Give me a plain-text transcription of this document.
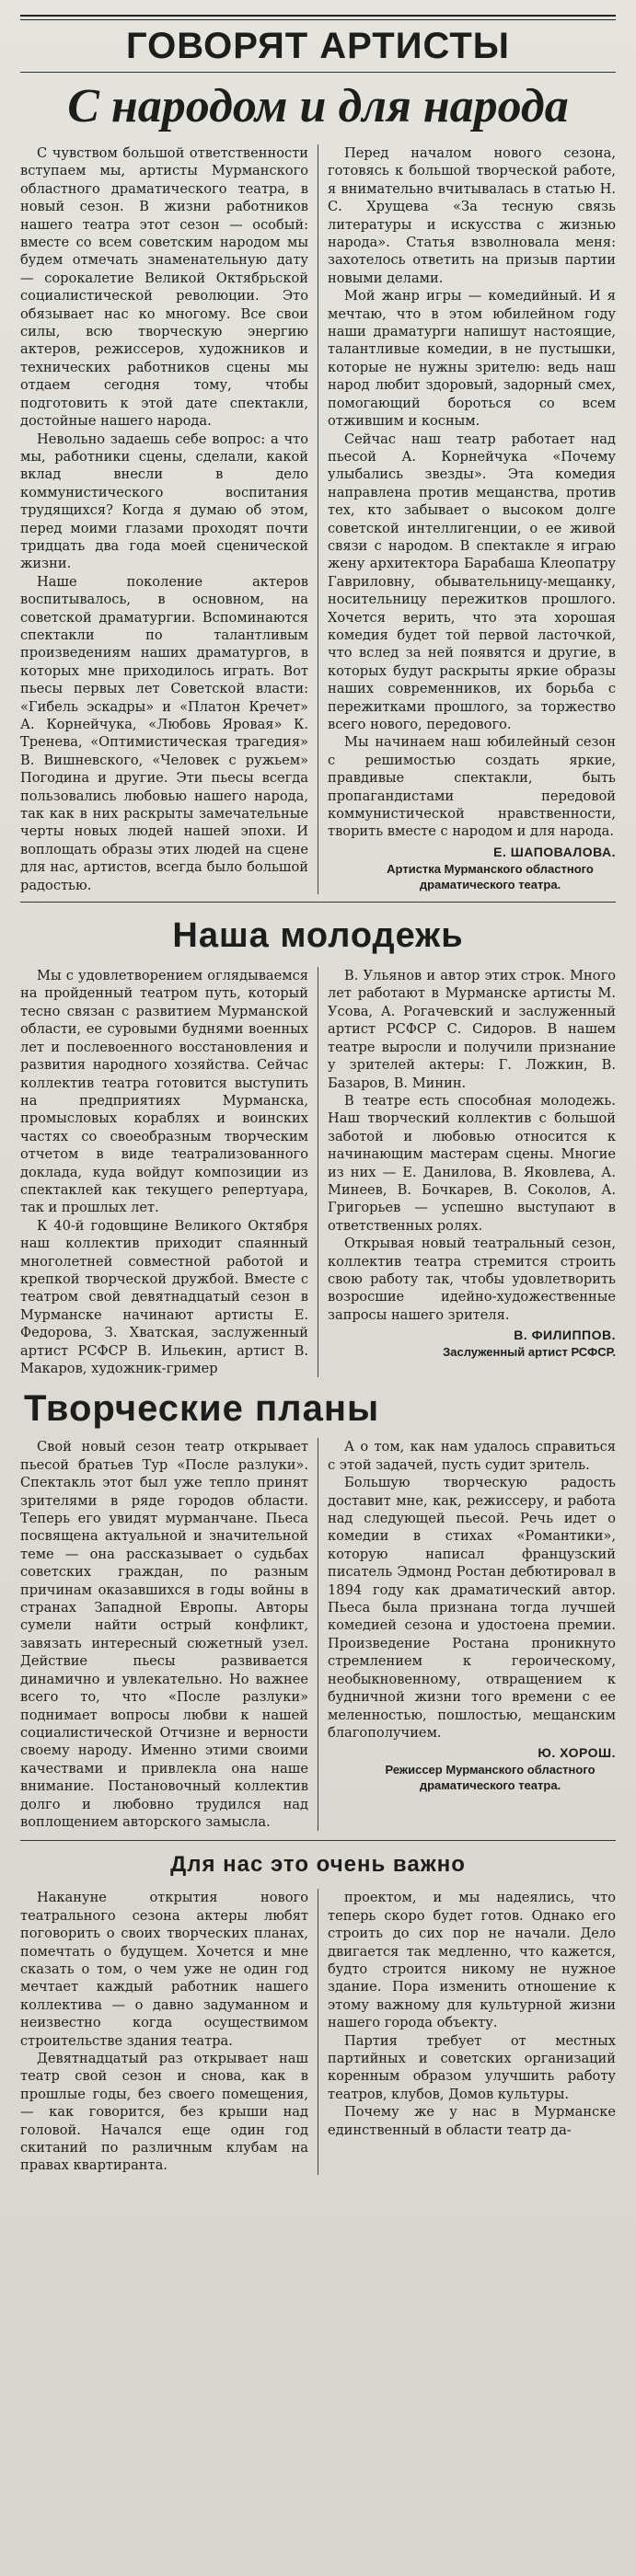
ГОВОРЯТ АРТИСТЫ
С народом и для народа

С чувством большой ответственности вступаем мы, артисты Мурманского областного драматического театра, в новый сезон. В жизни работников нашего театра этот сезон — особый: вместе со всем советским народом мы будем отмечать знаменательную дату — сорокалетие Великой Октябрьской социалистической революции. Это обязывает нас ко многому. Все свои силы, всю творческую энергию актеров, режиссеров, художников и технических работников сцены мы отдаем сегодня тому, чтобы подготовить к этой дате спектакли, достойные нашего народа.

Невольно задаешь себе вопрос: а что мы, работники сцены, сделали, какой вклад внесли в дело коммунистического воспитания трудящихся? Когда я думаю об этом, перед моими глазами проходят почти тридцать два года моей сценической жизни.

Наше поколение актеров воспитывалось, в основном, на советской драматургии. Вспоминаются спектакли по талантливым произведениям наших драматургов, в которых мне приходилось играть. Вот пьесы первых лет Советской власти: «Гибель эскадры» и «Платон Кречет» А. Корнейчука, «Любовь Яровая» К. Тренева, «Оптимистическая трагедия» В. Вишневского, «Человек с ружьем» Погодина и другие. Эти пьесы всегда пользовались любовью нашего народа, так как в них раскрыты замечательные черты новых людей нашей эпохи. И воплощать образы этих людей на сцене для нас, артистов, всегда было большой радостью.

Перед началом нового сезона, готовясь к большой творческой работе, я внимательно вчитывалась в статью Н. С. Хрущева «За тесную связь литературы и искусства с жизнью народа». Статья взволновала меня: захотелось ответить на призыв партии новыми делами.

Мой жанр игры — комедийный. И я мечтаю, что в этом юбилейном году наши драматурги напишут настоящие, талантливые комедии, в не пустышки, которые не нужны зрителю: ведь наш народ любит здоровый, задорный смех, помогающий бороться со всем отжившим и косным.

Сейчас наш театр работает над пьесой А. Корнейчука «Почему улыбались звезды». Эта комедия направлена против мещанства, против тех, кто забывает о высоком долге советской интеллигенции, о ее живой связи с народом. В спектакле я играю жену архитектора Барабаша Клеопатру Гавриловну, обывательницу-мещанку, носительницу пережитков прошлого. Хочется верить, что эта хорошая комедия будет той первой ласточкой, что вслед за ней появятся и другие, в которых будут раскрыты яркие образы наших современников, их борьба с пережитками прошлого, за торжество всего нового, передового.

Мы начинаем наш юбилейный сезон с решимостью создать яркие, правдивые спектакли, быть пропагандистами передовой коммунистической нравственности, творить вместе с народом и для народа.

Е. ШАПОВАЛОВА.
Артистка Мурманского областного драматического театра.
Наша молодежь

Мы с удовлетворением оглядываемся на пройденный театром путь, который тесно связан с развитием Мурманской области, ее суровыми буднями военных лет и послевоенного восстановления и развития народного хозяйства. Сейчас коллектив театра готовится выступить на предприятиях Мурманска, промысловых кораблях и воинских частях со своеобразным творческим отчетом в виде театрализованного доклада, куда войдут композиции из спектаклей как текущего репертуара, так и прошлых лет.

К 40-й годовщине Великого Октября наш коллектив приходит спаянный многолетней совместной работой и крепкой творческой дружбой. Вместе с театром свой девятнадцатый сезон в Мурманске начинают артисты Е. Федорова, З. Хватская, заслуженный артист РСФСР В. Ильекин, артист В. Макаров, художник-гример

В. Ульянов и автор этих строк. Много лет работают в Мурманске артисты М. Усова, А. Рогачевский и заслуженный артист РСФСР С. Сидоров. В нашем театре выросли и получили признание у зрителей актеры: Г. Ложкин, В. Базаров, В. Минин.

В театре есть способная молодежь. Наш творческий коллектив с большой заботой и любовью относится к начинающим мастерам сцены. Многие из них — Е. Данилова, В. Яковлева, А. Минеев, В. Бочкарев, В. Соколов, А. Григорьев — успешно выступают в ответственных ролях.

Открывая новый театральный сезон, коллектив театра стремится строить свою работу так, чтобы удовлетворить возросшие идейно-художественные запросы нашего зрителя.

В. ФИЛИППОВ.
Заслуженный артист РСФСР.
Творческие планы

Свой новый сезон театр открывает пьесой братьев Тур «После разлуки». Спектакль этот был уже тепло принят зрителями в ряде городов области. Теперь его увидят мурманчане. Пьеса посвящена актуальной и значительной теме — она рассказывает о судьбах советских граждан, по разным причинам оказавшихся в годы войны в странах Западной Европы. Авторы сумели найти острый конфликт, завязать интересный сюжетный узел. Действие пьесы развивается динамично и увлекательно. Но важнее всего то, что «После разлуки» поднимает вопросы любви к нашей социалистической Отчизне и верности своему народу. Именно этими своими качествами и привлекла она наше внимание. Постановочный коллектив долго и любовно трудился над воплощением авторского замысла.

А о том, как нам удалось справиться с этой задачей, пусть судит зритель.

Большую творческую радость доставит мне, как, режиссеру, и работа над следующей пьесой. Речь идет о комедии в стихах «Романтики», которую написал французский писатель Эдмонд Ростан дебютировал в 1894 году как драматический автор. Пьеса была признана тогда лучшей комедией сезона и удостоена премии. Произведение Ростана проникнуто стремлением к героическому, необыкновенному, отвращением к будничной жизни того времени с ее меленностью, пошлостью, мещанским благополучием.

Ю. ХОРОШ.
Режиссер Мурманского областного драматического театра.
Для нас это очень важно

Накануне открытия нового театрального сезона актеры любят поговорить о своих творческих планах, помечтать о будущем. Хочется и мне сказать о том, о чем уже не один год мечтает каждый работник нашего коллектива — о давно задуманном и неизвестно когда осуществимом строительстве здания театра.

Девятнадцатый раз открывает наш театр свой сезон и снова, как в прошлые годы, без своего помещения, — как говорится, без крыши над головой. Начался еще один год скитаний по различным клубам на правах квартиранта.

проектом, и мы надеялись, что теперь скоро будет готов. Однако его строить до сих пор не начали. Дело двигается так медленно, что кажется, будто строится никому не нужное здание. Пора изменить отношение к этому важному для культурной жизни нашего города объекту.

Партия требует от местных партийных и советских организаций коренным образом улучшить работу театров, клубов, Домов культуры.

Почему же у нас в Мурманске единственный в области театр да-
